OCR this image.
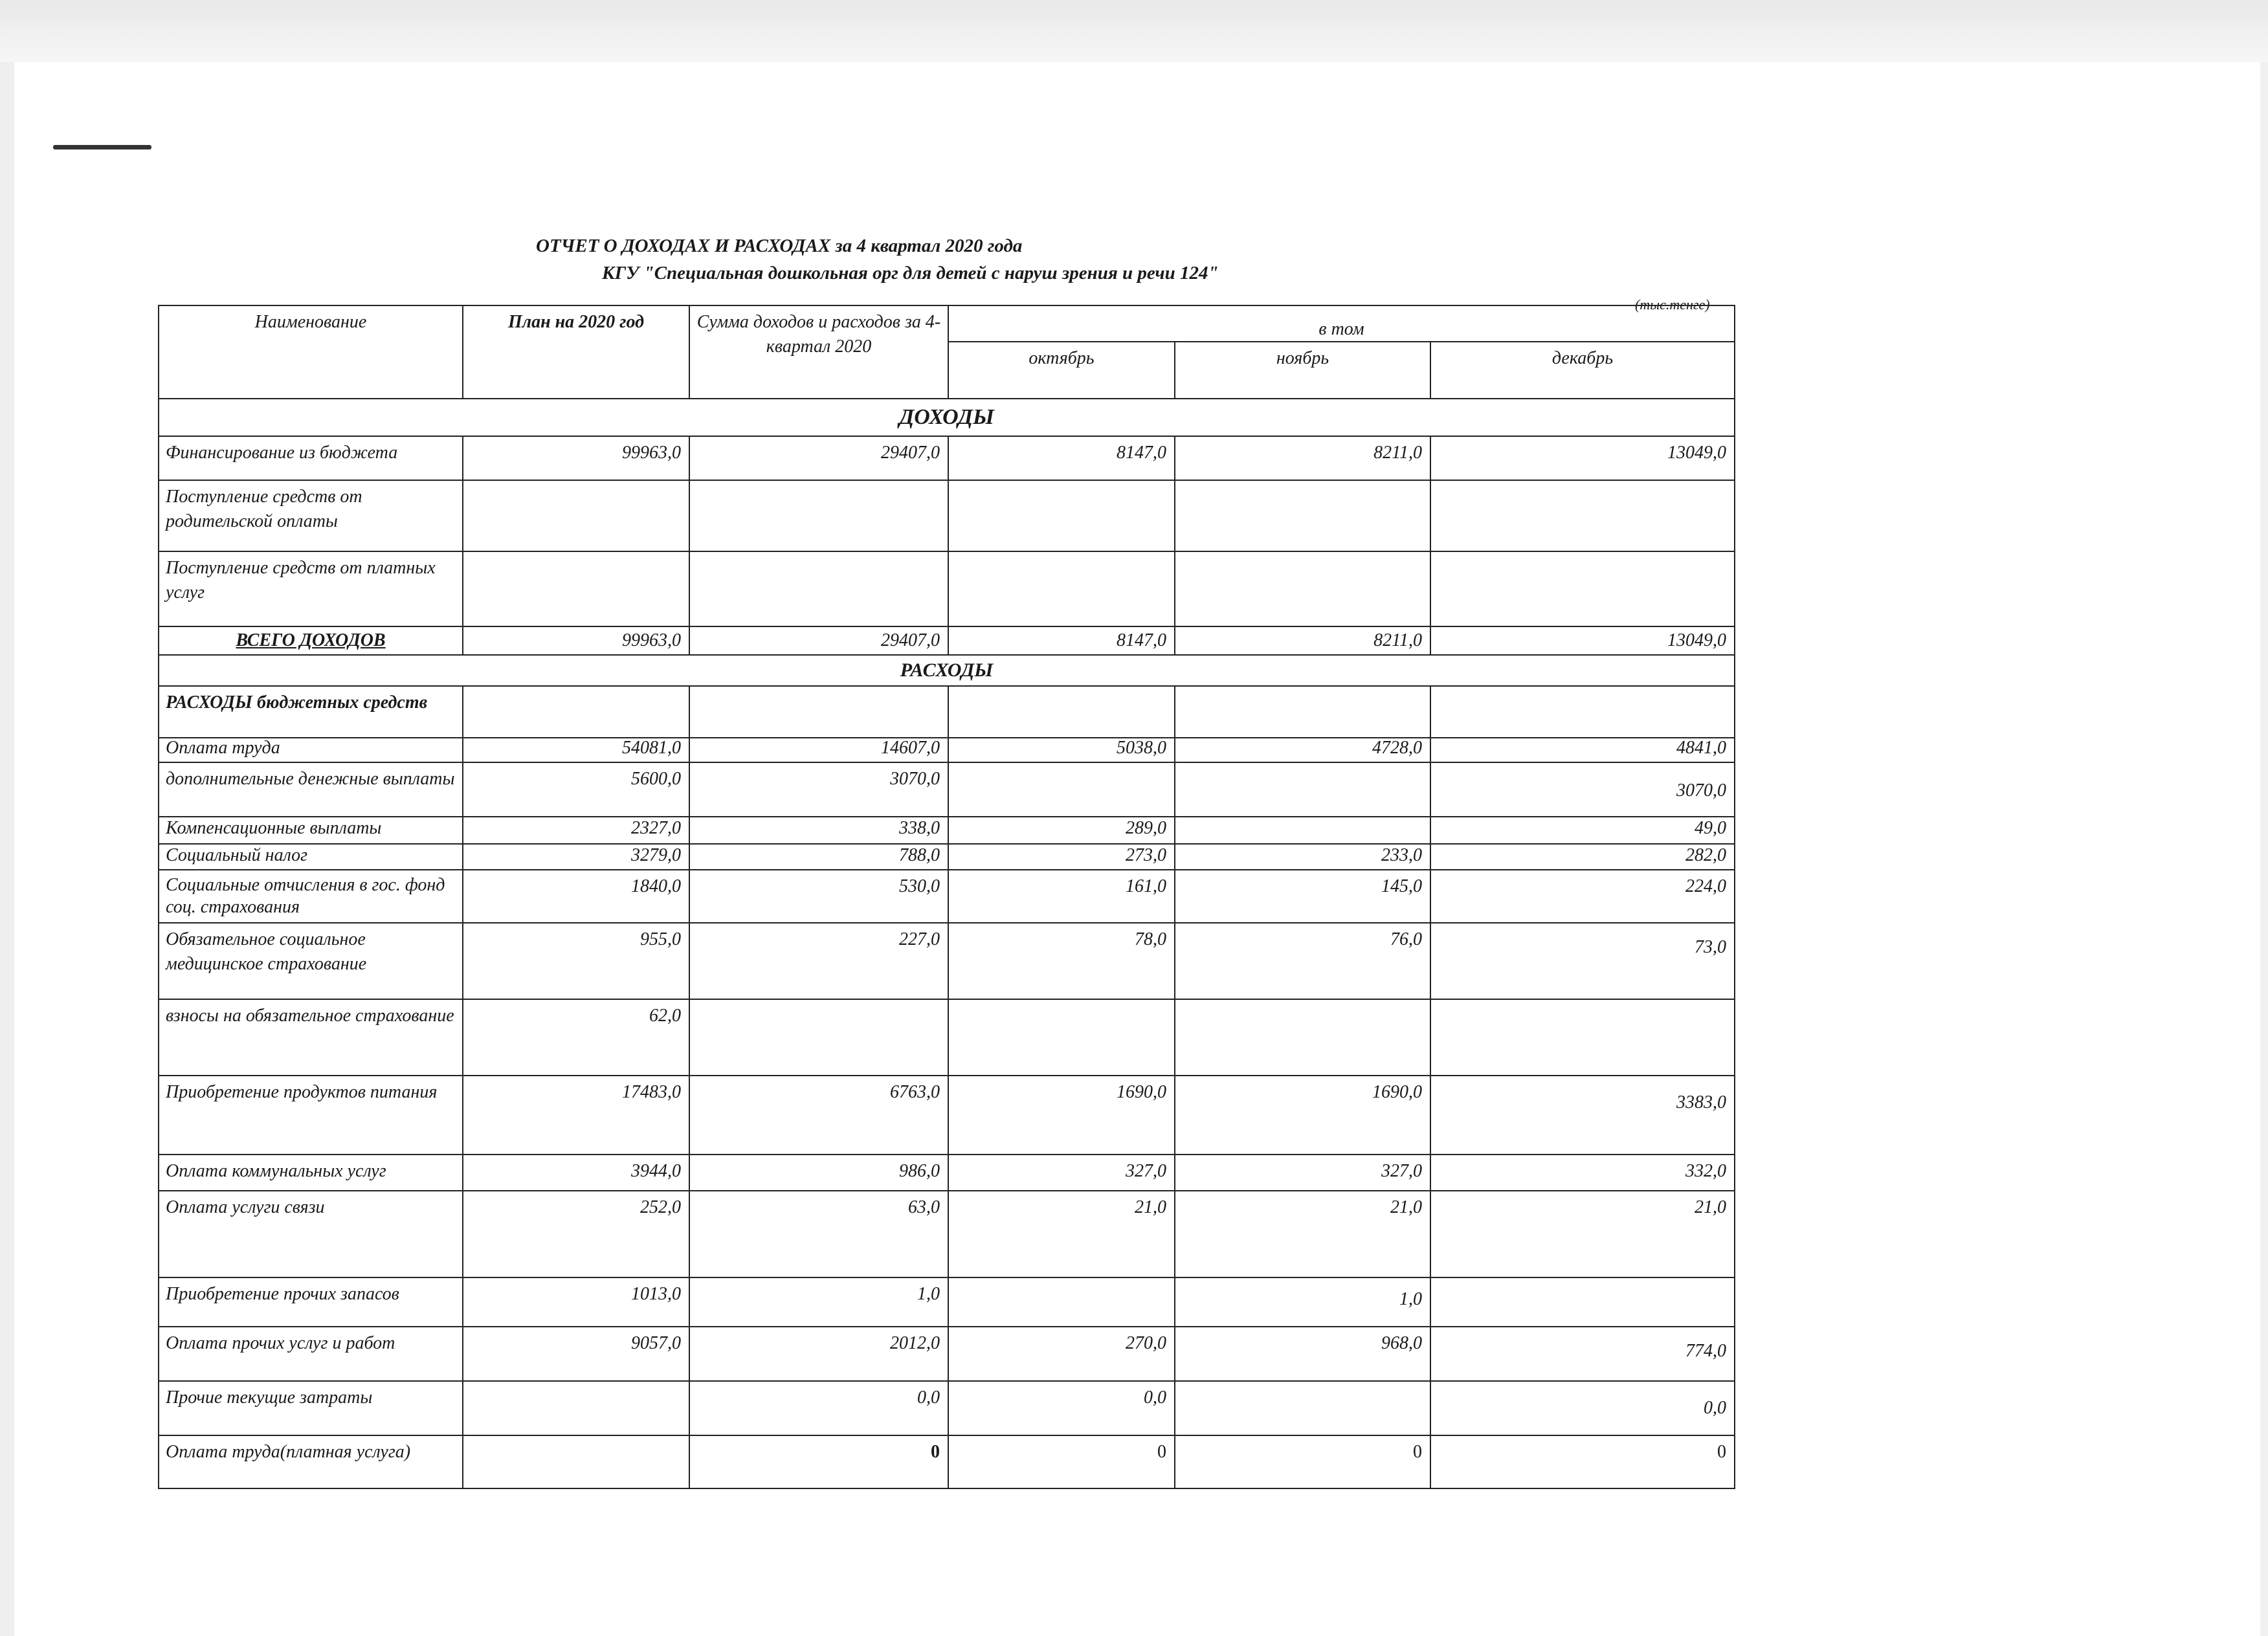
ОТЧЕТ О ДОХОДАХ И РАСХОДАХ за 4 квартал 2020 года
КГУ "Специальная дошкольная орг для детей с наруш зрения и речи 124"
(тыс.тенге)
Наименование	План на 2020 год	Сумма доходов и расходов за 4- квартал 2020	в том		
			октябрь	ноябрь	декабрь
ДОХОДЫ					
Финансирование из бюджета	99963,0	29407,0	8147,0	8211,0	13049,0
Поступление средств от родительской оплаты					
Поступление средств от платных услуг					
ВСЕГО ДОХОДОВ	99963,0	29407,0	8147,0	8211,0	13049,0
РАСХОДЫ					
РАСХОДЫ бюджетных средств					
Оплата труда	54081,0	14607,0	5038,0	4728,0	4841,0
дополнительные денежные выплаты	5600,0	3070,0			3070,0
Компенсационные выплаты	2327,0	338,0	289,0		49,0
Социальный налог	3279,0	788,0	273,0	233,0	282,0
Социальные отчисления в гос. фонд соц. страхования	1840,0	530,0	161,0	145,0	224,0
Обязательное социальное медицинское страхование	955,0	227,0	78,0	76,0	73,0
взносы на обязательное страхование	62,0				
Приобретение продуктов питания	17483,0	6763,0	1690,0	1690,0	3383,0
Оплата коммунальных услуг	3944,0	986,0	327,0	327,0	332,0
Оплата услуги связи	252,0	63,0	21,0	21,0	21,0
Приобретение прочих запасов	1013,0	1,0		1,0	
Оплата прочих услуг и работ	9057,0	2012,0	270,0	968,0	774,0
Прочие текущие затраты		0,0	0,0		0,0
Оплата труда(платная услуга)		0	0	0	0
